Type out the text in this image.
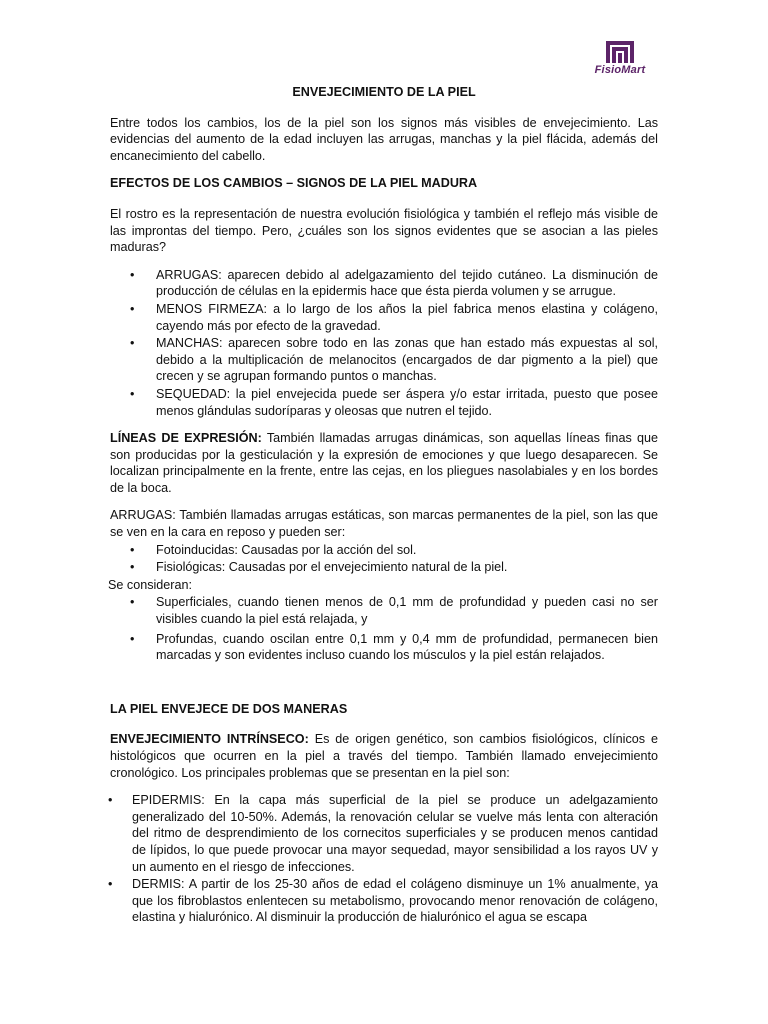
FisioMart
ENVEJECIMIENTO DE LA PIEL

Entre todos los cambios, los de la piel son los signos más visibles de envejecimiento. Las evidencias del aumento de la edad incluyen las arrugas, manchas y la piel flácida, además del encanecimiento del cabello.

EFECTOS DE LOS CAMBIOS – SIGNOS DE LA PIEL MADURA

El rostro es la representación de nuestra evolución fisiológica y también el reflejo más visible de las improntas del tiempo. Pero, ¿cuáles son los signos evidentes que se asocian a las pieles maduras?

• ARRUGAS: aparecen debido al adelgazamiento del tejido cutáneo. La disminución de producción de células en la epidermis hace que ésta pierda volumen y se arrugue.
• MENOS FIRMEZA: a lo largo de los años la piel fabrica menos elastina y colágeno, cayendo más por efecto de la gravedad.
• MANCHAS: aparecen sobre todo en las zonas que han estado más expuestas al sol, debido a la multiplicación de melanocitos (encargados de dar pigmento a la piel) que crecen y se agrupan formando puntos o manchas.
• SEQUEDAD: la piel envejecida puede ser áspera y/o estar irritada, puesto que posee menos glándulas sudoríparas y oleosas que nutren el tejido.

LÍNEAS DE EXPRESIÓN: También llamadas arrugas dinámicas, son aquellas líneas finas que son producidas por la gesticulación y la expresión de emociones y que luego desaparecen. Se localizan principalmente en la frente, entre las cejas, en los pliegues nasolabiales y en los bordes de la boca.

ARRUGAS: También llamadas arrugas estáticas, son marcas permanentes de la piel, son las que se ven en la cara en reposo y pueden ser:

• Fotoinducidas: Causadas por la acción del sol.
• Fisiológicas: Causadas por el envejecimiento natural de la piel.
Se consideran:
• Superficiales, cuando tienen menos de 0,1 mm de profundidad y pueden casi no ser visibles cuando la piel está relajada, y
• Profundas, cuando oscilan entre 0,1 mm y 0,4 mm de profundidad, permanecen bien marcadas y son evidentes incluso cuando los músculos y la piel están relajados.
LA PIEL ENVEJECE DE DOS MANERAS

ENVEJECIMIENTO INTRÍNSECO: Es de origen genético, son cambios fisiológicos, clínicos e histológicos que ocurren en la piel a través del tiempo. También llamado envejecimiento cronológico. Los principales problemas que se presentan en la piel son:

• EPIDERMIS: En la capa más superficial de la piel se produce un adelgazamiento generalizado del 10-50%. Además, la renovación celular se vuelve más lenta con alteración del ritmo de desprendimiento de los cornecitos superficiales y se producen menos cantidad de lípidos, lo que puede provocar una mayor sequedad, mayor sensibilidad a los rayos UV y un aumento en el riesgo de infecciones.
• DERMIS: A partir de los 25-30 años de edad el colágeno disminuye un 1% anualmente, ya que los fibroblastos enlentecen su metabolismo, provocando menor renovación de colágeno, elastina y hialurónico. Al disminuir la producción de hialurónico el agua se escapa
